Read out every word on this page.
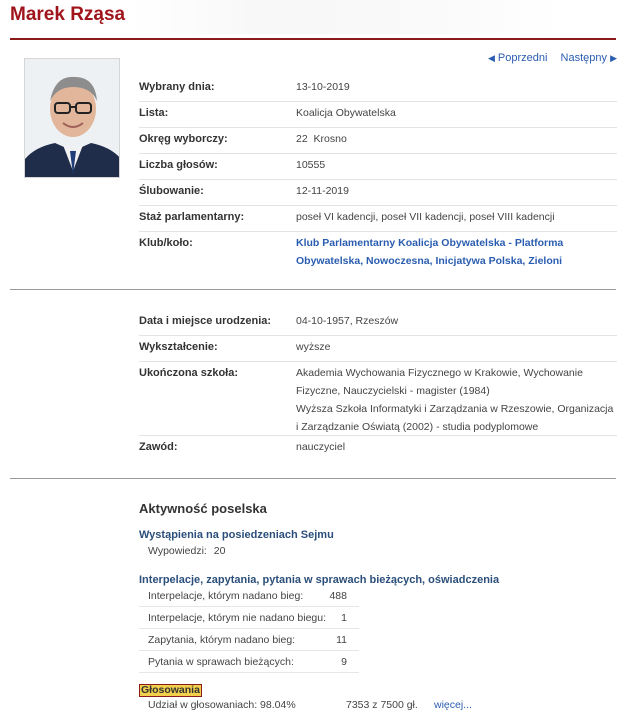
Marek Rząsa
◀ Poprzedni Następny ▶
Wybrany dnia:	13-10-2019
Lista:	Koalicja Obywatelska
Okręg wyborczy:	22  Krosno
Liczba głosów:	10555
Ślubowanie:	12-11-2019
Staż parlamentarny:	poseł VI kadencji, poseł VII kadencji, poseł VIII kadencji
Klub/koło:	Klub Parlamentarny Koalicja Obywatelska - Platforma Obywatelska, Nowoczesna, Inicjatywa Polska, Zieloni
Data i miejsce urodzenia: 04-10-1957, Rzeszów
Wykształcenie:	wyższe
Ukończona szkoła:	Akademia Wychowania Fizycznego w Krakowie, Wychowanie Fizyczne, Nauczycielski - magister (1984)
Wyższa Szkoła Informatyki i Zarządzania w Rzeszowie, Organizacja i Zarządzanie Oświatą (2002) - studia podyplomowe
Zawód:	nauczyciel
Aktywność poselska
Wystąpienia na posiedzeniach Sejmu
Wypowiedzi: 20
Interpelacje, zapytania, pytania w sprawach bieżących, oświadczenia
Interpelacje, którym nadano bieg: 488
Interpelacje, którym nie nadano biegu: 1
Zapytania, którym nadano bieg:	11
Pytania w sprawach bieżących:	9
Głosowania
Udział w głosowaniach: 98.04%	7353 z 7500 gł. więcej...
